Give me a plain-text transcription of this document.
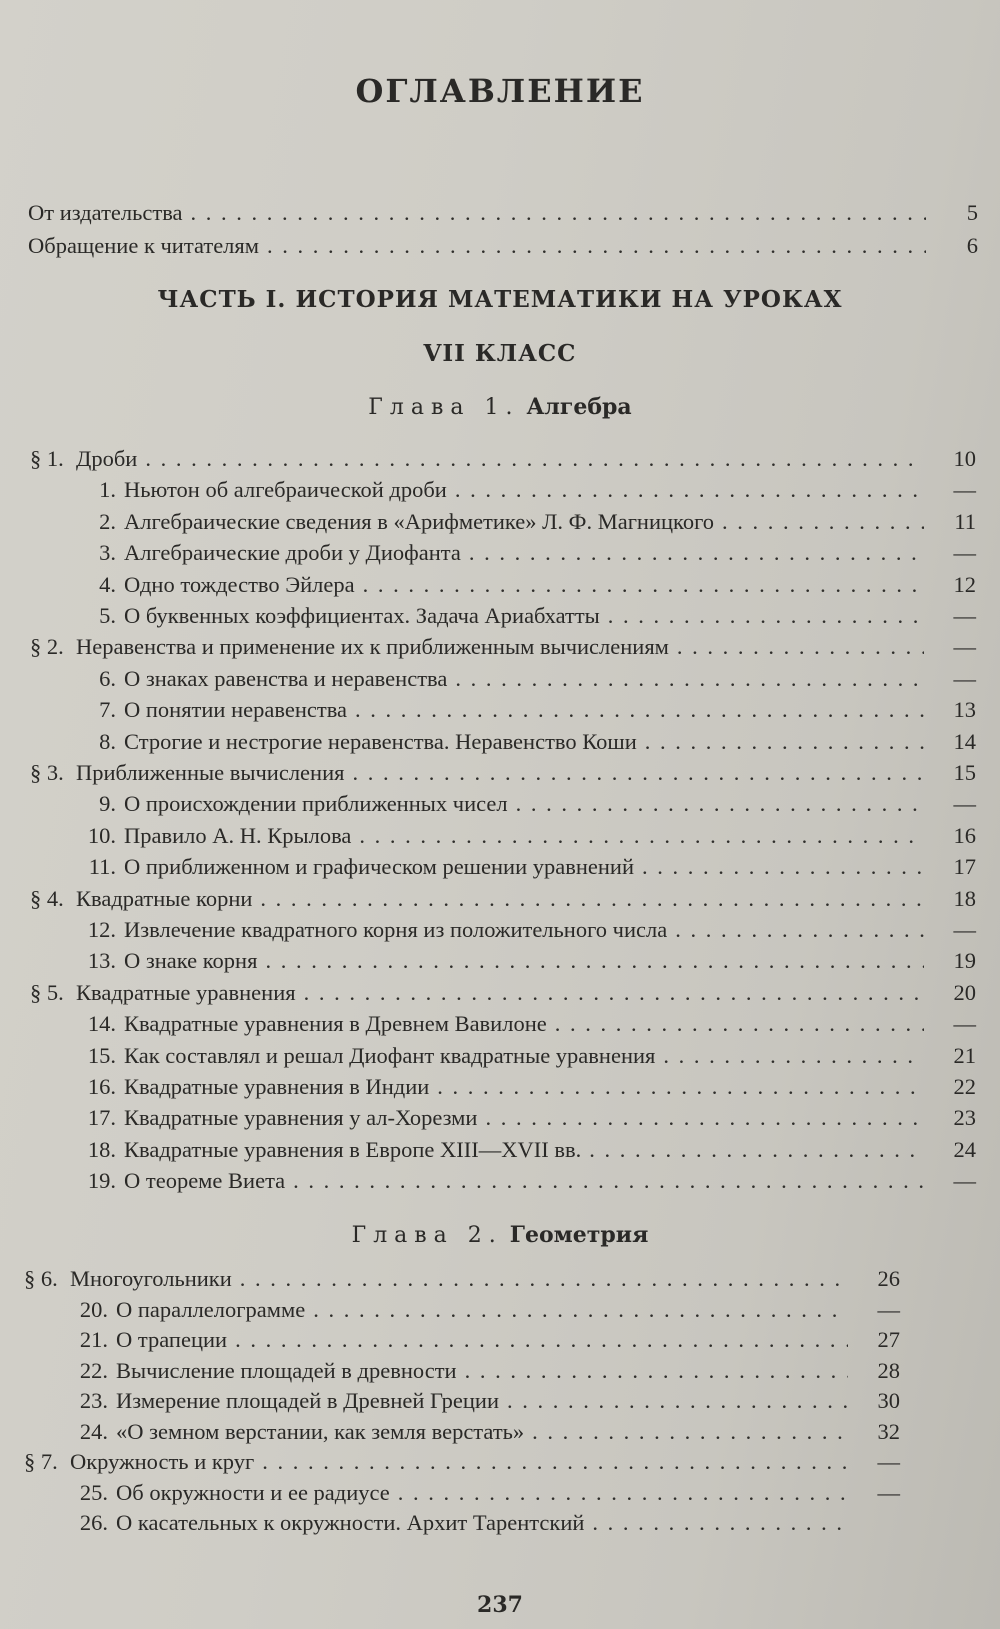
ОГЛАВЛЕНИЕ
От издательства . . .	5
Обращение к читателям . . .	6
ЧАСТЬ I. ИСТОРИЯ МАТЕМАТИКИ НА УРОКАХ
VII КЛАСС
Глава 1. Алгебра
§ 1. Дроби . . .	10
1. Ньютон об алгебраической дроби . . .	—
2. Алгебраические сведения в «Арифметике» Л. Ф. Магницкого . . .	11
3. Алгебраические дроби у Диофанта . . .	—
4. Одно тождество Эйлера . . .	12
5. О буквенных коэффициентах. Задача Ариабхатты . . .	—
§ 2. Неравенства и применение их к приближенным вычислениям . . .	—
6. О знаках равенства и неравенства . . .	—
7. О понятии неравенства . . .	13
8. Строгие и нестрогие неравенства. Неравенство Коши . . .	14
§ 3. Приближенные вычисления . . .	15
9. О происхождении приближенных чисел . . .	—
10. Правило А. Н. Крылова . . .	16
11. О приближенном и графическом решении уравнений . . .	17
§ 4. Квадратные корни . . .	18
12. Извлечение квадратного корня из положительного числа . . .	—
13. О знаке корня . . .	19
§ 5. Квадратные уравнения . . .	20
14. Квадратные уравнения в Древнем Вавилоне . . .	—
15. Как составлял и решал Диофант квадратные уравнения . . .	21
16. Квадратные уравнения в Индии . . .	22
17. Квадратные уравнения у ал-Хорезми . . .	23
18. Квадратные уравнения в Европе XIII—XVII вв. . . .	24
19. О теореме Виета . . .	—
Глава 2. Геометрия
§ 6. Многоугольники . . .	26
20. О параллелограмме . . .	—
21. О трапеции . . .	27
22. Вычисление площадей в древности . . .	28
23. Измерение площадей в Древней Греции . . .	30
24. «О земном верстании, как земля верстать» . . .	32
§ 7. Окружность и круг . . .	—
25. Об окружности и ее радиусе . . .	—
26. О касательных к окружности. Архит Тарентский
. . .
237
